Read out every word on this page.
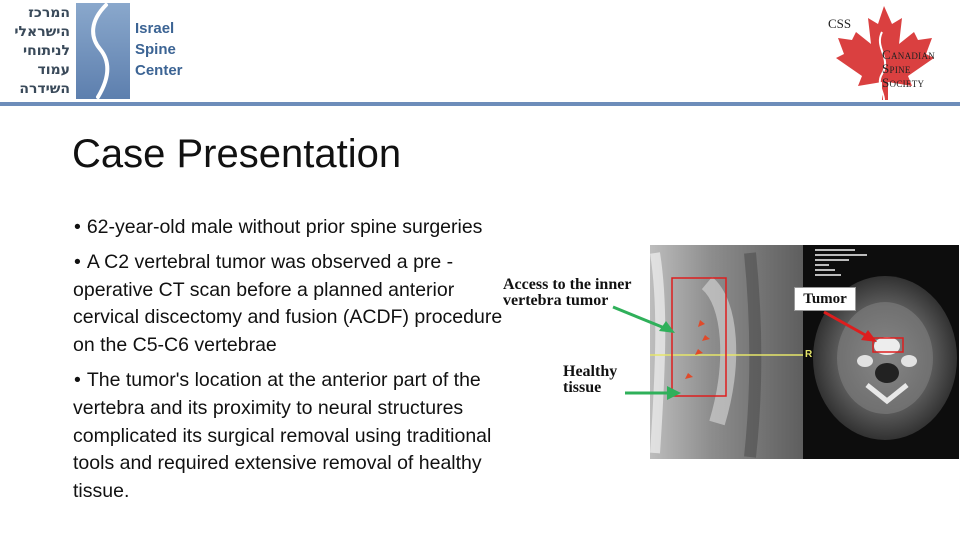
המרכז
הישראלי
לניתוחי
עמוד
השידרה
Israel
Spine
Center
CSS
Canadian
Spine
Society
Case Presentation
• 62-year-old male without prior spine surgeries
• A C2 vertebral tumor was observed a pre -operative CT scan before a planned anterior cervical discectomy and fusion (ACDF) procedure on the C5-C6 vertebrae
• The tumor's location at the anterior part of the vertebra and its proximity to neural structures complicated its surgical removal using traditional tools and required extensive removal of healthy tissue.
R
Access to the inner
vertebra tumor
Healthy
tissue
Tumor
